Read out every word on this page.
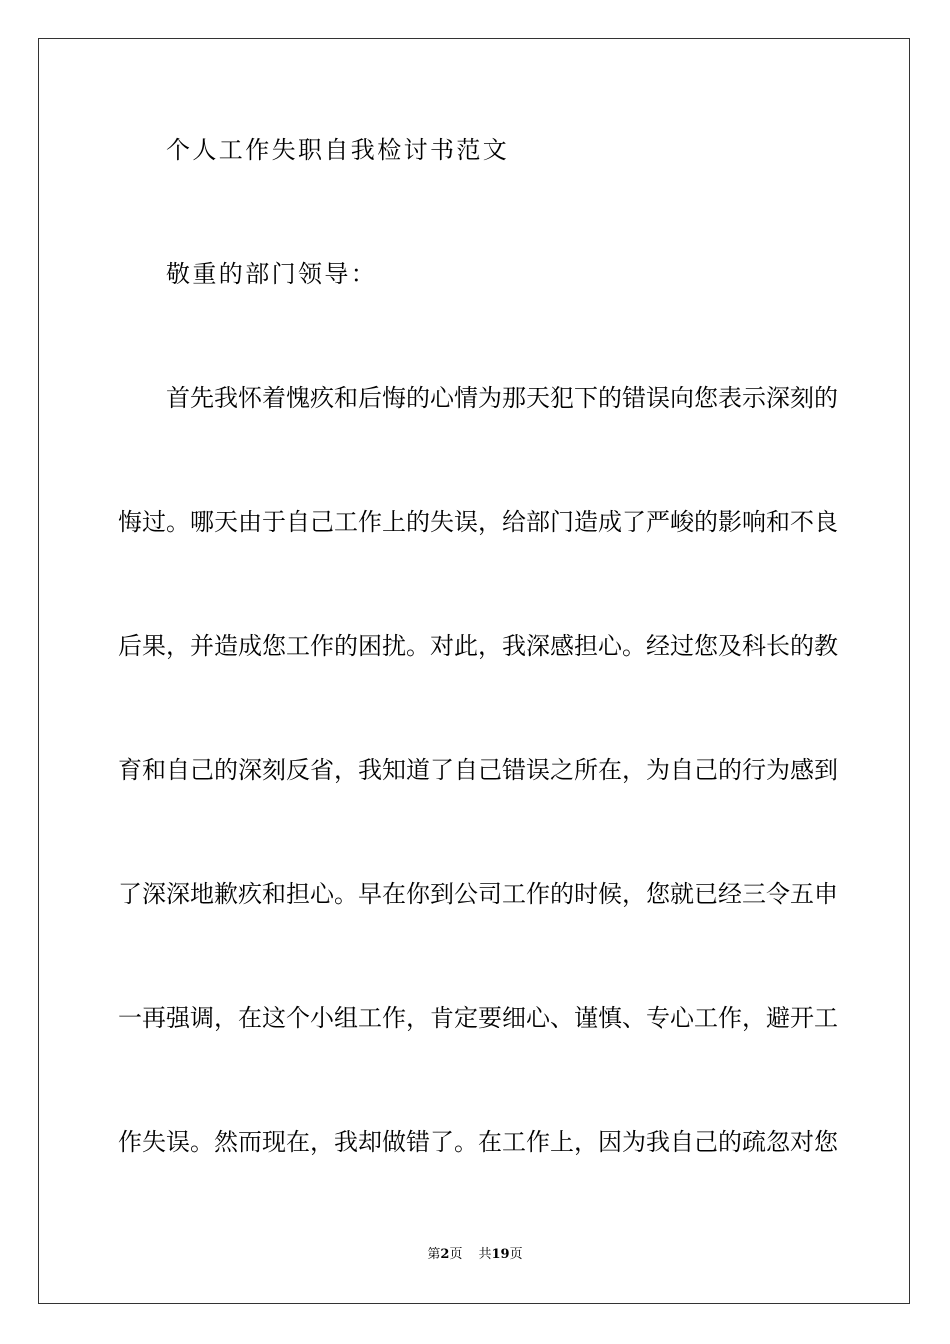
个人工作失职自我检讨书范文
敬重的部门领导：
首先我怀着愧疚和后悔的心情为那天犯下的错误向您表示深刻的
悔过。哪天由于自己工作上的失误，给部门造成了严峻的影响和不良
后果，并造成您工作的困扰。对此，我深感担心。经过您及科长的教
育和自己的深刻反省，我知道了自己错误之所在，为自己的行为感到
了深深地歉疚和担心。早在你到公司工作的时候，您就已经三令五申
一再强调，在这个小组工作，肯定要细心、谨慎、专心工作，避开工
作失误。然而现在，我却做错了。在工作上，因为我自己的疏忽对您
第2页 共19页
